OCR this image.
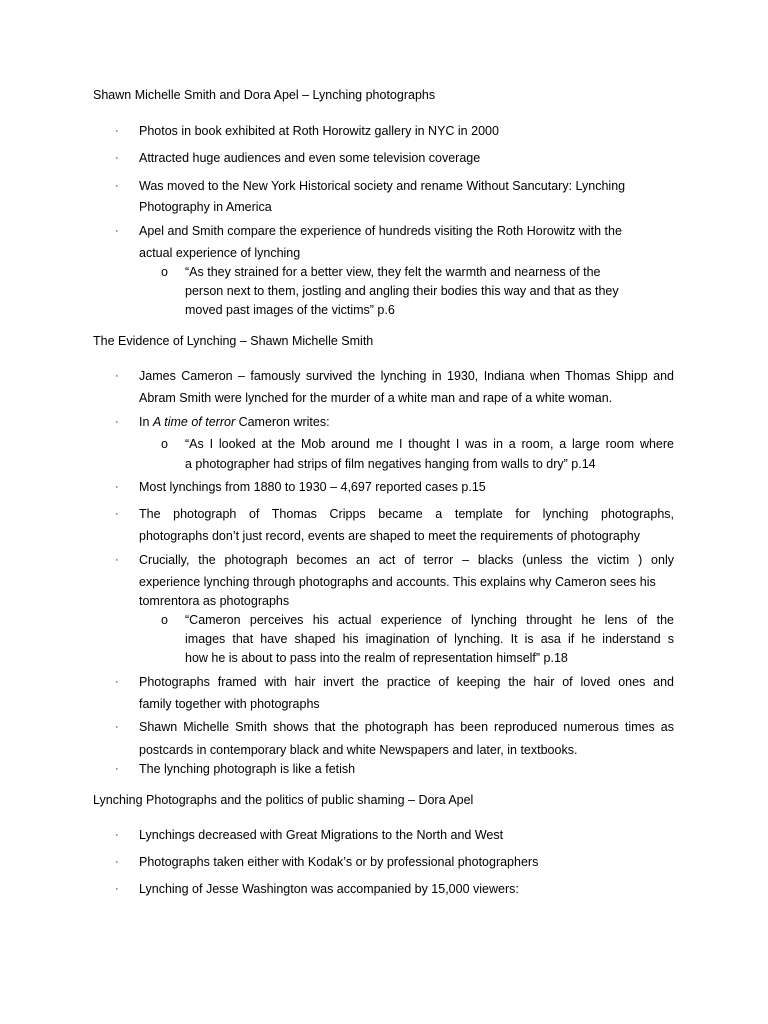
Shawn Michelle Smith and Dora Apel – Lynching photographs
· Photos in book exhibited at Roth Horowitz gallery in NYC in 2000
· Attracted huge audiences and even some television coverage
· Was moved to the New York Historical society and rename Without Sancutary: Lynching
Photography in America
· Apel and Smith compare the experience of hundreds visiting the Roth Horowitz with the
actual experience of lynching
o “As they strained for a better view, they felt the warmth and nearness of the
person next to them, jostling and angling their bodies this way and that as they
moved past images of the victims” p.6
The Evidence of Lynching – Shawn Michelle Smith
· James Cameron – famously survived the lynching in 1930, Indiana when Thomas Shipp and
Abram Smith were lynched for the murder of a white man and rape of a white woman.
· In A time of terror Cameron writes:
o “As I looked at the Mob around me I thought I was in a room, a large room where
a photographer had strips of film negatives hanging from walls to dry” p.14
· Most lynchings from 1880 to 1930 – 4,697 reported cases p.15
· The photograph of Thomas Cripps became a template for lynching photographs,
photographs don’t just record, events are shaped to meet the requirements of photography
· Crucially, the photograph becomes an act of terror – blacks (unless the victim ) only
experience lynching through photographs and accounts. This explains why Cameron sees his
tomrentora as photographs
o “Cameron perceives his actual experience of lynching throught he lens of the
images that have shaped his imagination of lynching. It is asa if he inderstand s
how he is about to pass into the realm of representation himself” p.18
· Photographs framed with hair invert the practice of keeping the hair of loved ones and
family together with photographs
· Shawn Michelle Smith shows that the photograph has been reproduced numerous times as
postcards in contemporary black and white Newspapers and later, in textbooks.
· The lynching photograph is like a fetish
Lynching Photographs and the politics of public shaming – Dora Apel
· Lynchings decreased with Great Migrations to the North and West
· Photographs taken either with Kodak’s or by professional photographers
· Lynching of Jesse Washington was accompanied by 15,000 viewers:
